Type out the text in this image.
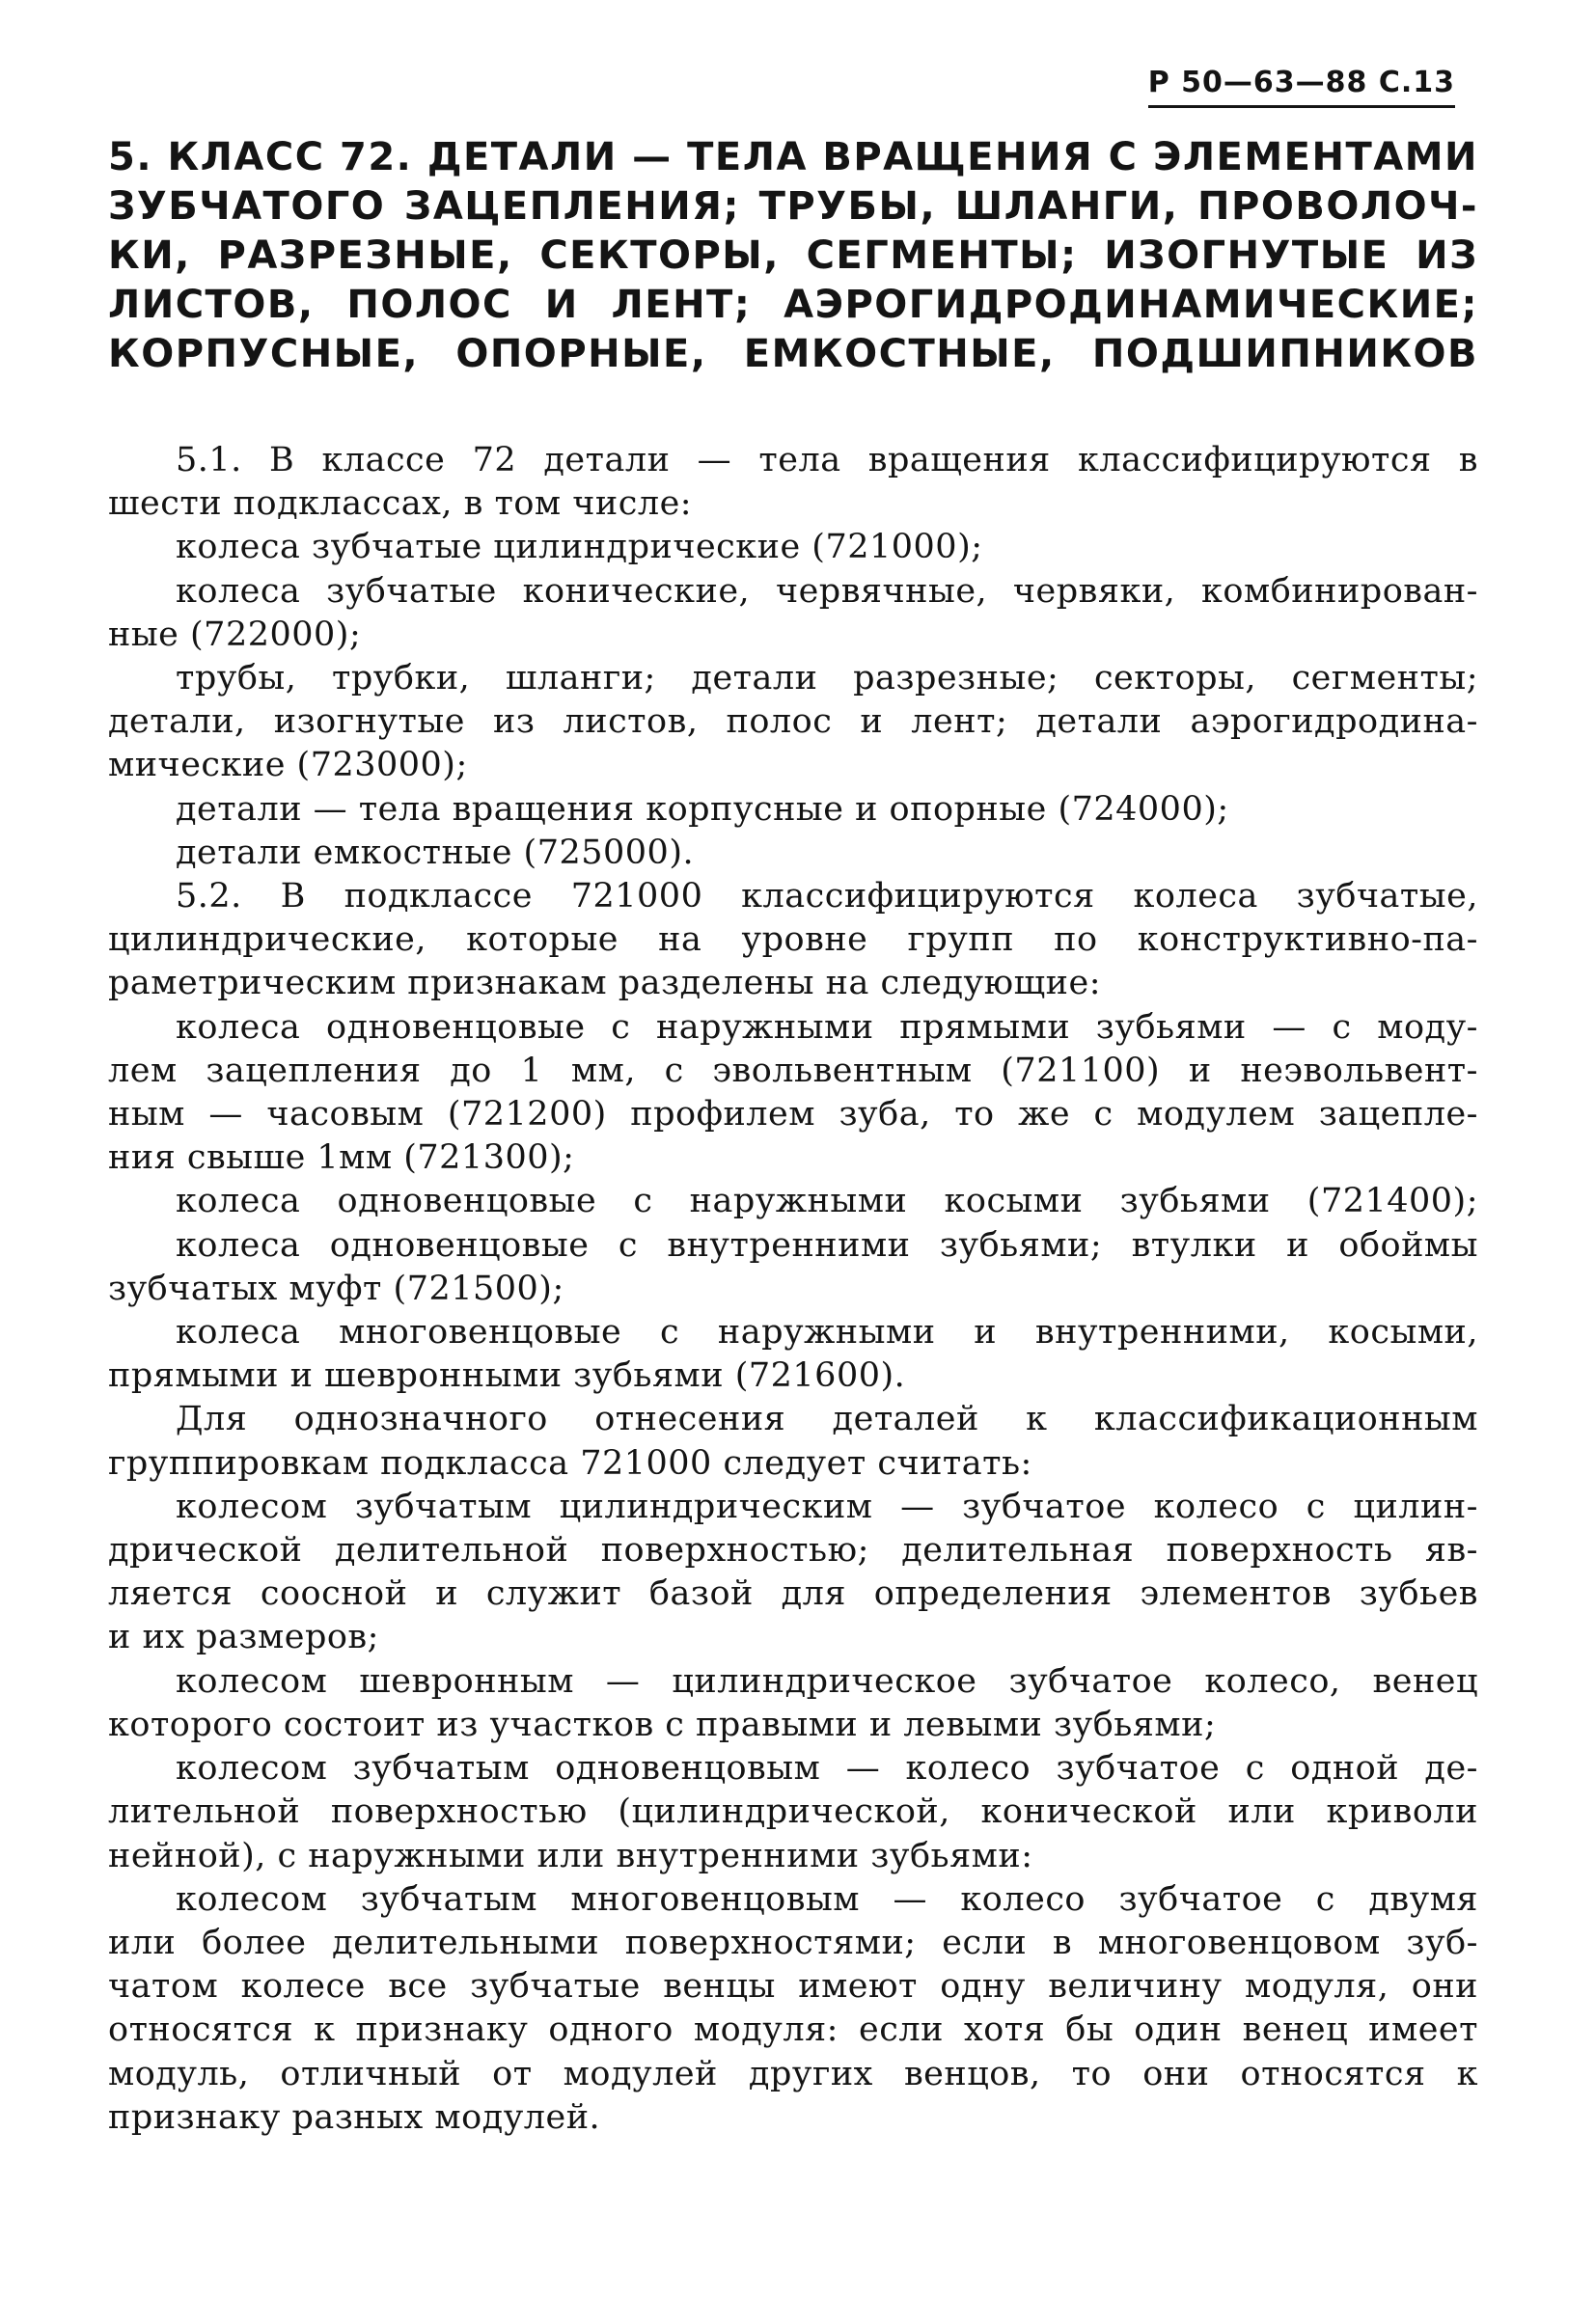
Р 50—63—88 С.13
5. КЛАСС 72. ДЕТАЛИ — ТЕЛА ВРАЩЕНИЯ С ЭЛЕМЕНТАМИ
ЗУБЧАТОГО ЗАЦЕПЛЕНИЯ; ТРУБЫ, ШЛАНГИ, ПРОВОЛОЧ-
КИ, РАЗРЕЗНЫЕ, СЕКТОРЫ, СЕГМЕНТЫ; ИЗОГНУТЫЕ ИЗ
ЛИСТОВ, ПОЛОС И ЛЕНТ; АЭРОГИДРОДИНАМИЧЕСКИЕ;
КОРПУСНЫЕ, ОПОРНЫЕ, ЕМКОСТНЫЕ, ПОДШИПНИКОВ
5.1. В классе 72 детали — тела вращения классифицируются в
шести подклассах, в том числе:
колеса зубчатые цилиндрические (721000);
колеса зубчатые конические, червячные, червяки, комбинирован-
ные (722000);
трубы, трубки, шланги; детали разрезные; секторы, сегменты;
детали, изогнутые из листов, полос и лент; детали аэрогидродина-
мические (723000);
детали — тела вращения корпусные и опорные (724000);
детали емкостные (725000).
5.2. В подклассе 721000 классифицируются колеса зубчатые,
цилиндрические, которые на уровне групп по конструктивно-па-
раметрическим признакам разделены на следующие:
колеса одновенцовые с наружными прямыми зубьями — с моду-
лем зацепления до 1 мм, с эвольвентным (721100) и неэвольвент-
ным — часовым (721200) профилем зуба, то же с модулем зацепле-
ния свыше 1мм (721300);
колеса одновенцовые с наружными косыми зубьями (721400);
колеса одновенцовые с внутренними зубьями; втулки и обоймы
зубчатых муфт (721500);
колеса многовенцовые с наружными и внутренними, косыми,
прямыми и шевронными зубьями (721600).
Для однозначного отнесения деталей к классификационным
группировкам подкласса 721000 следует считать:
колесом зубчатым цилиндрическим — зубчатое колесо с цилин-
дрической делительной поверхностью; делительная поверхность яв-
ляется соосной и служит базой для определения элементов зубьев
и их размеров;
колесом шевронным — цилиндрическое зубчатое колесо, венец
которого состоит из участков с правыми и левыми зубьями;
колесом зубчатым одновенцовым — колесо зубчатое с одной де-
лительной поверхностью (цилиндрической, конической или криволи
нейной), с наружными или внутренними зубьями:
колесом зубчатым многовенцовым — колесо зубчатое с двумя
или более делительными поверхностями; если в многовенцовом зуб-
чатом колесе все зубчатые венцы имеют одну величину модуля, они
относятся к признаку одного модуля: если хотя бы один венец имеет
модуль, отличный от модулей других венцов, то они относятся к
признаку разных модулей.
